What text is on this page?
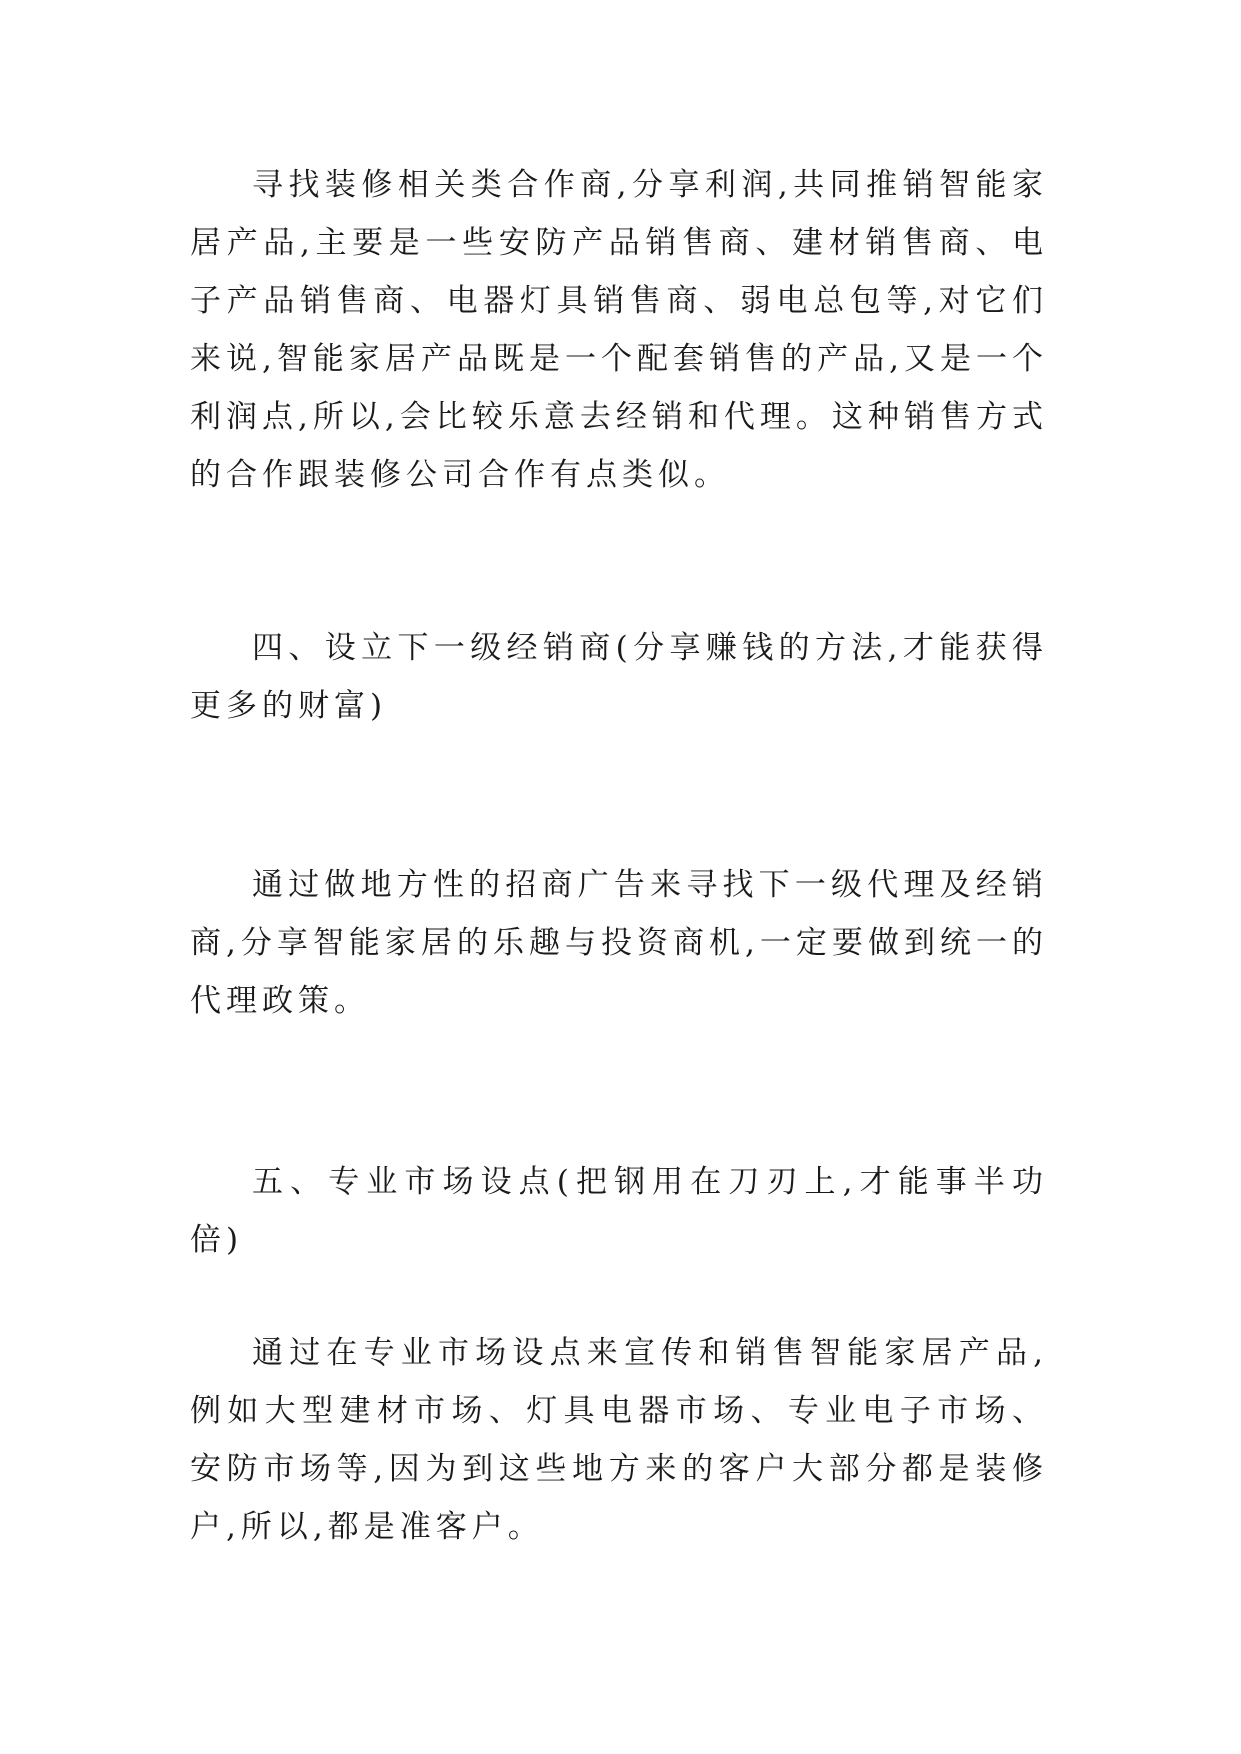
寻找装修相关类合作商,分享利润,共同推销智能家居产品,主要是一些安防产品销售商、建材销售商、电子产品销售商、电器灯具销售商、弱电总包等,对它们来说,智能家居产品既是一个配套销售的产品,又是一个利润点,所以,会比较乐意去经销和代理。这种销售方式的合作跟装修公司合作有点类似。

四、设立下一级经销商(分享赚钱的方法,才能获得更多的财富)

通过做地方性的招商广告来寻找下一级代理及经销商,分享智能家居的乐趣与投资商机,一定要做到统一的代理政策。

五、专业市场设点(把钢用在刀刃上,才能事半功倍)

通过在专业市场设点来宣传和销售智能家居产品,例如大型建材市场、灯具电器市场、专业电子市场、安防市场等,因为到这些地方来的客户大部分都是装修户,所以,都是准客户。
